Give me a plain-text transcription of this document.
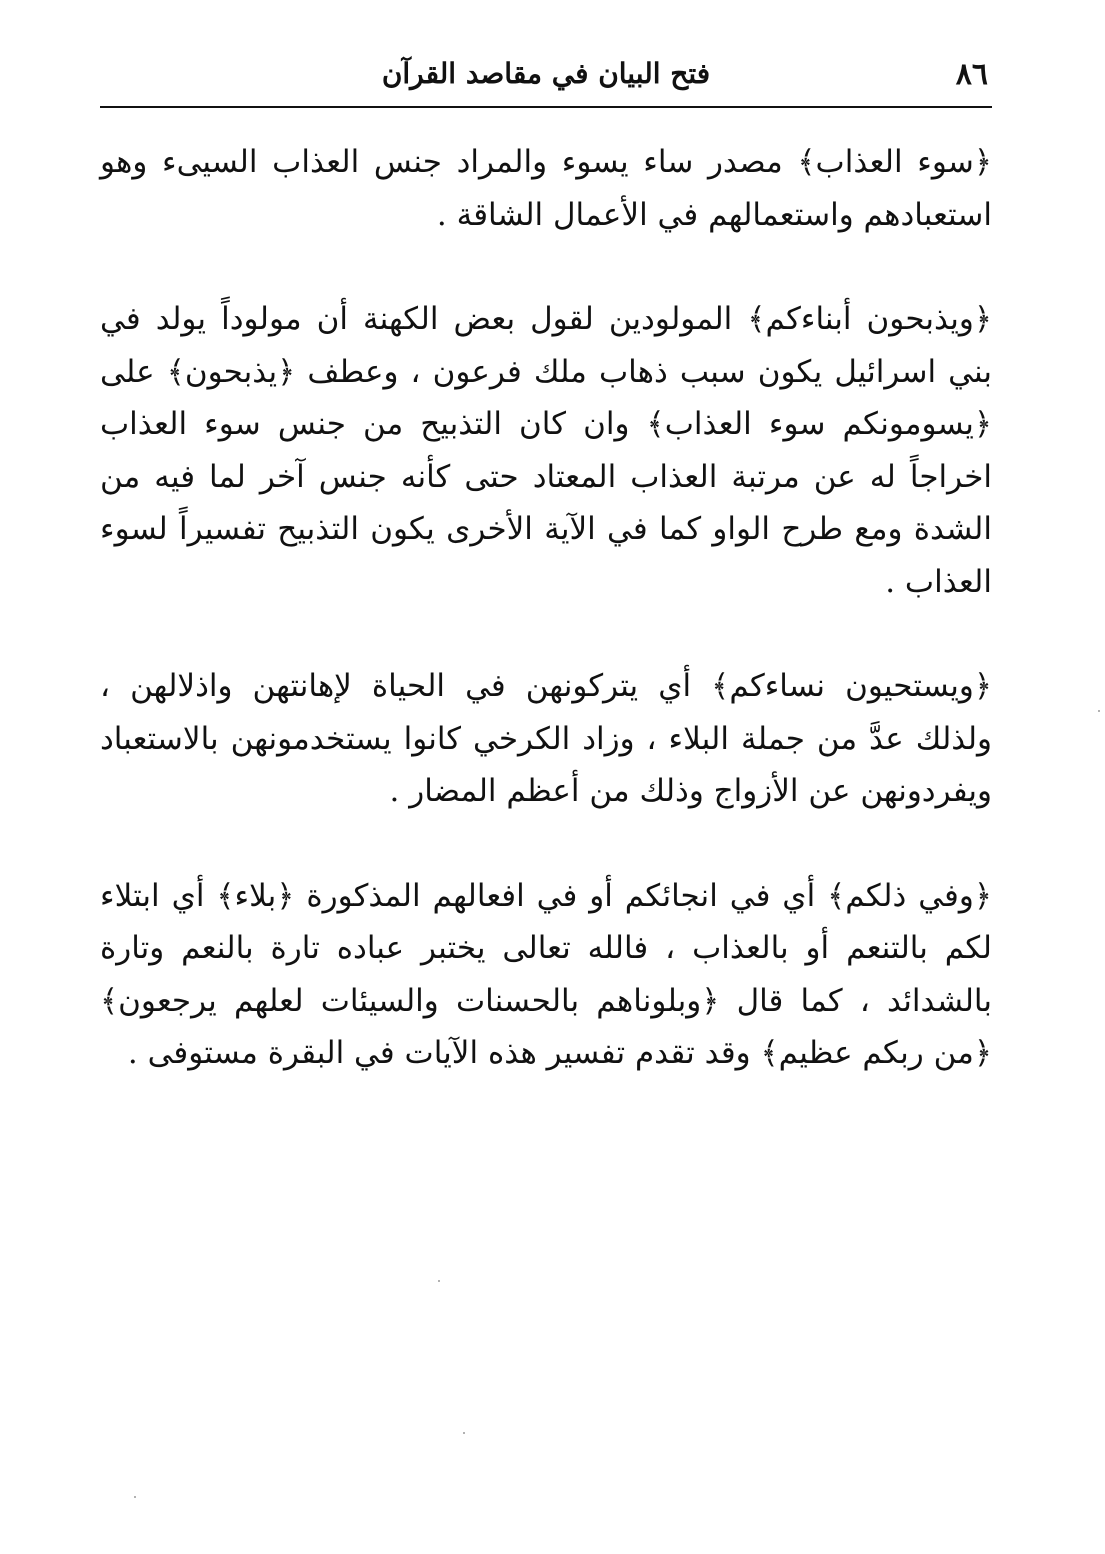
٨٦
فتح البيان في مقاصد القرآن

﴿سوء العذاب﴾ مصدر ساء يسوء والمراد جنس العذاب السيىء وهو استعبادهم واستعمالهم في الأعمال الشاقة .

﴿ويذبحون أبناءكم﴾ المولودين لقول بعض الكهنة أن مولوداً يولد في بني اسرائيل يكون سبب ذهاب ملك فرعون ، وعطف ﴿يذبحون﴾ على ﴿يسومونكم سوء العذاب﴾ وان كان التذبيح من جنس سوء العذاب اخراجاً له عن مرتبة العذاب المعتاد حتى كأنه جنس آخر لما فيه من الشدة ومع طرح الواو كما في الآية الأخرى يكون التذبيح تفسيراً لسوء العذاب .

﴿ويستحيون نساءكم﴾ أي يتركونهن في الحياة لإهانتهن واذلالهن ، ولذلك عدَّ من جملة البلاء ، وزاد الكرخي كانوا يستخدمونهن بالاستعباد ويفردونهن عن الأزواج وذلك من أعظم المضار .

﴿وفي ذلكم﴾ أي في انجائكم أو في افعالهم المذكورة ﴿بلاء﴾ أي ابتلاء لكم بالتنعم أو بالعذاب ، فالله تعالى يختبر عباده تارة بالنعم وتارة بالشدائد ، كما قال ﴿وبلوناهم بالحسنات والسيئات لعلهم يرجعون﴾ ﴿من ربكم عظيم﴾ وقد تقدم تفسير هذه الآيات في البقرة مستوفى .
